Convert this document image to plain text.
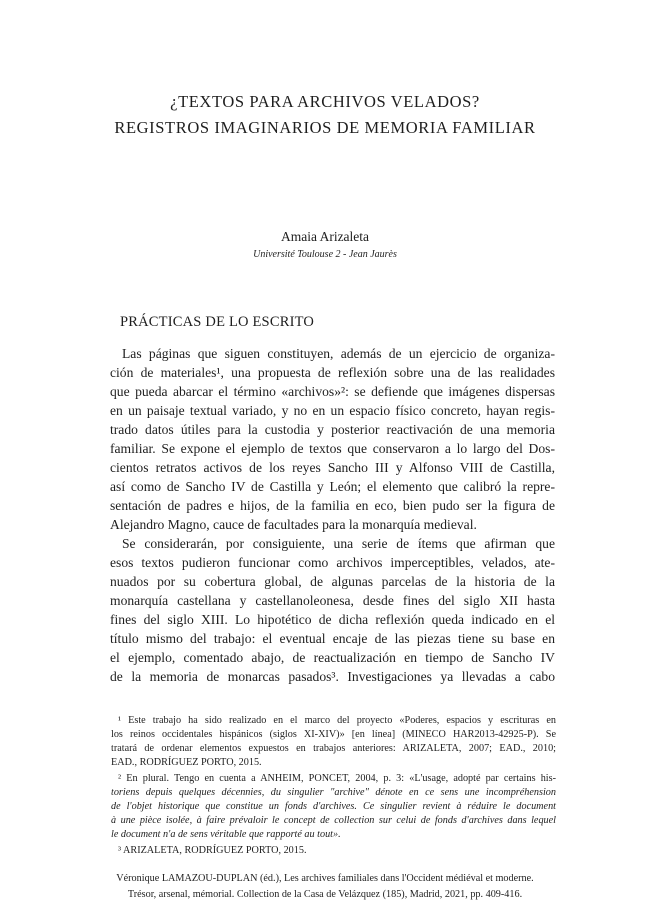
¿TEXTOS PARA ARCHIVOS VELADOS?
REGISTROS IMAGINARIOS DE MEMORIA FAMILIAR
Amaia Arizaleta
Université Toulouse 2 - Jean Jaurès
PRÁCTICAS DE LO ESCRITO
Las páginas que siguen constituyen, además de un ejercicio de organiza-
ción de materiales¹, una propuesta de reflexión sobre una de las realidades
que pueda abarcar el término «archivos»²: se defiende que imágenes dispersas
en un paisaje textual variado, y no en un espacio físico concreto, hayan regis-
trado datos útiles para la custodia y posterior reactivación de una memoria
familiar. Se expone el ejemplo de textos que conservaron a lo largo del Dos-
cientos retratos activos de los reyes Sancho III y Alfonso VIII de Castilla,
así como de Sancho IV de Castilla y León; el elemento que calibró la repre-
sentación de padres e hijos, de la familia en eco, bien pudo ser la figura de
Alejandro Magno, cauce de facultades para la monarquía medieval.
Se considerarán, por consiguiente, una serie de ítems que afirman que
esos textos pudieron funcionar como archivos imperceptibles, velados, ate-
nuados por su cobertura global, de algunas parcelas de la historia de la
monarquía castellana y castellanoleonesa, desde fines del siglo XII hasta
fines del siglo XIII. Lo hipotético de dicha reflexión queda indicado en el
título mismo del trabajo: el eventual encaje de las piezas tiene su base en
el ejemplo, comentado abajo, de reactualización en tiempo de Sancho IV
de la memoria de monarcas pasados³. Investigaciones ya llevadas a cabo
¹ Este trabajo ha sido realizado en el marco del proyecto «Poderes, espacios y escrituras en
los reinos occidentales hispánicos (siglos XI-XIV)» [en línea] (MINECO HAR2013-42925-P). Se
tratará de ordenar elementos expuestos en trabajos anteriores: ARIZALETA, 2007; EAD., 2010;
EAD., RODRÍGUEZ PORTO, 2015.
² En plural. Tengo en cuenta a ANHEIM, PONCET, 2004, p. 3: «L'usage, adopté par certains his-
toriens depuis quelques décennies, du singulier "archive" dénote en ce sens une incompréhension
de l'objet historique que constitue un fonds d'archives. Ce singulier revient à réduire le document
à une pièce isolée, à faire prévaloir le concept de collection sur celui de fonds d'archives dans lequel
le document n'a de sens véritable que rapporté au tout».
³ ARIZALETA, RODRÍGUEZ PORTO, 2015.
Véronique LAMAZOU-DUPLAN (éd.), Les archives familiales dans l'Occident médiéval et moderne.
Trésor, arsenal, mémorial. Collection de la Casa de Velázquez (185), Madrid, 2021, pp. 409-416.
